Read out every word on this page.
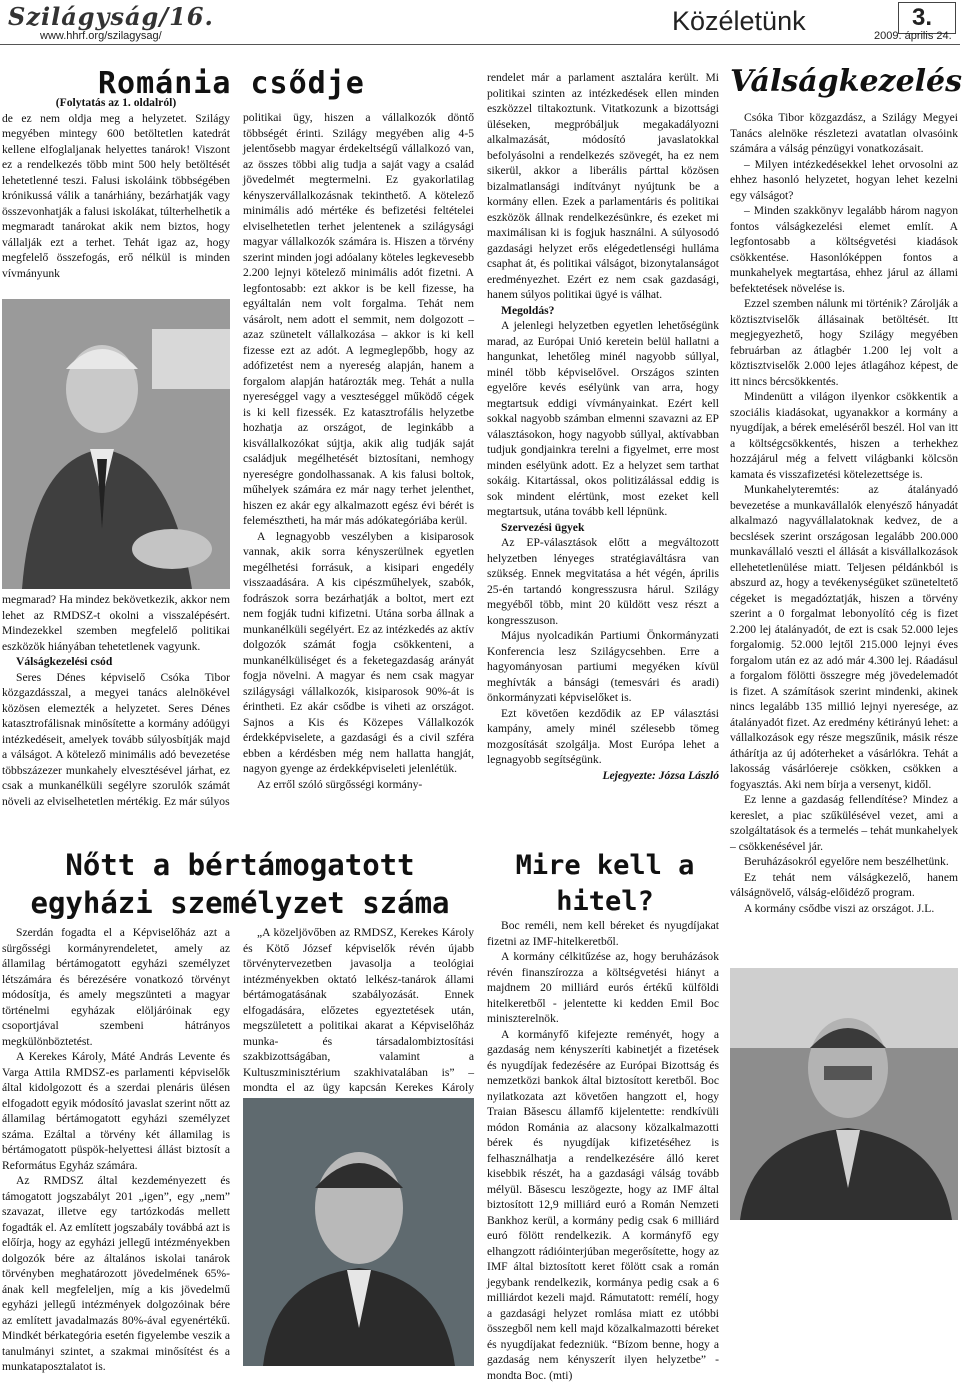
Szilágyság/16.
www.hhrf.org/szilagysag/	Közéletünk	3.
2009. április 24.
Románia csődje

(Folytatás az 1. oldalról)

de ez nem oldja meg a helyzetet. Szilágy megyében mintegy 600 betöltetlen katedrát kellene elfoglaljanak helyettes tanárok! Viszont ez a rendelkezés több mint 500 hely betöltését lehetetlenné teszi. Falusi iskoláink többségében krónikussá válik a tanárhiány, bezárhatják vagy összevonhatják a falusi iskolákat, túlterhelhetik a megmaradt tanárokat akik nem biztos, hogy vállalják ezt a terhet. Tehát igaz az, hogy megfelelő összefogás, erő nélkül is minden vívmányunk

megmarad? Ha mindez bekövetkezik, akkor nem lehet az RMDSZ-t okolni a visszalépésért. Mindezekkel szemben megfelelő politikai eszközök hiányában tehetetlenek vagyunk.

Válságkezelési csód

Seres Dénes képviselő Csóka Tibor közgazdásszal, a megyei tanács alelnökével közösen elemezték a helyzetet. Seres Dénes katasztrofálisnak minősítette a kormány adóügyi intézkedéseit, amelyek tovább súlyosbítják majd a válságot. A kötelező minimális adó bevezetése többszázezer munkahely elvesztésével járhat, ez csak a munkanélküli segélyre szorulók számát növeli az elviselhetetlen mértékig. Ez már súlyos

politikai ügy, hiszen a vállalkozók döntő többségét érinti. Szilágy megyében alig 4-5 jelentősebb magyar érdekeltségű vállalkozó van, az összes többi alig tudja a saját vagy a család jövedelmét megtermelni. Ez gyakorlatilag kényszervállalkozásnak tekinthető. A kötelező minimális adó mértéke és befizetési feltételei elviselhetetlen terhet jelentenek a szilágysági magyar vállalkozók számára is. Hiszen a törvény szerint minden jogi adóalany köteles legkevesebb 2.200 lejnyi kötelező minimális adót fizetni. A legfontosabb: ezt akkor is be kell fizesse, ha egyáltalán nem volt forgalma. Tehát nem vásárolt, nem adott el semmit, nem dolgozott – azaz szünetelt vállalkozása – akkor is ki kell fizesse ezt az adót. A legmeglepőbb, hogy az adófizetést nem a nyereség alapján, hanem a forgalom alapján határozták meg. Tehát a nulla nyereséggel vagy a veszteséggel működő cégek is ki kell fizessék. Ez katasztrofális helyzetbe hozhatja az országot, de leginkább a kisvállalkozókat sújtja, akik alig tudják saját családjuk megélhetését biztosítani, nemhogy nyereségre gondolhassanak. A kis falusi boltok, műhelyek számára ez már nagy terhet jelenthet, hiszen ez akár egy alkalmazott egész évi bérét is felemésztheti, ha már más adókategóriába kerül.

A legnagyobb veszélyben a kisiparosok vannak, akik sorra kényszerülnek egyetlen megélhetési forrásuk, a kisipari engedély visszaadására. A kis cipészműhelyek, szabók, fodrászok sorra bezárhatják a boltot, mert ezt nem fogják tudni kifizetni. Utána sorba állnak a munkanélküli segélyért. Ez az intézkedés az aktív dolgozók számát fogja csökkenteni, a munkanélküliséget és a feketegazdaság arányát fogja növelni. A magyar és nem csak magyar szilágysági vállalkozók, kisiparosok 90%-át is érintheti. Ez akár csődbe is viheti az országot. Sajnos a Kis és Közepes Vállalkozók érdekképviselete, a gazdasági és a civil szféra ebben a kérdésben még nem hallatta hangját, nagyon gyenge az érdekképviseleti jelenlétük.

Az erről szóló sürgősségi kormány-

rendelet már a parlament asztalára került. Mi politikai szinten az intézkedések ellen minden eszközzel tiltakoztunk. Vitatkozunk a bizottsági üléseken, megpróbáljuk megakadályozni alkalmazását, módosító javaslatokkal befolyásolni a rendelkezés szövegét, ha ez nem sikerül, akkor a liberális párttal közösen bizalmatlansági indítványt nyújtunk be a kormány ellen. Ezek a parlamentáris és politikai eszközök állnak rendelkezésünkre, és ezeket mi maximálisan ki is fogjuk használni. A súlyosodó gazdasági helyzet erős elégedetlenségi hulláma csaphat át, és politikai válságot, bizonytalanságot eredményezhet. Ezért ez nem csak gazdasági, hanem súlyos politikai ügyé is válhat.

Megoldás?

A jelenlegi helyzetben egyetlen lehetőségünk marad, az Európai Unió keretein belül hallatni a hangunkat, lehetőleg minél nagyobb súllyal, minél több képviselővel. Országos szinten egyelőre kevés esélyünk van arra, hogy megtartsuk eddigi vívmányainkat. Ezért kell sokkal nagyobb számban elmenni szavazni az EP választásokon, hogy nagyobb súllyal, aktívabban tudjuk gondjainkra terelni a figyelmet, erre most minden esélyünk adott. Ez a helyzet sem tarthat sokáig. Kitartással, okos politizálással eddig is sok mindent elértünk, most ezeket kell megtartsuk, utána tovább kell lépnünk.

Szervezési ügyek

Az EP-választások előtt a megváltozott helyzetben lényeges stratégiaváltásra van szükség. Ennek megvitatása a hét végén, április 25-én tartandó kongresszusra hárul. Szilágy megyéből több, mint 20 küldött vesz részt a kongresszuson.

Május nyolcadikán Partiumi Önkormányzati Konferencia lesz Szilágycsehben. Erre a hagyományosan partiumi megyéken kívül meghívták a bánsági (temesvári és aradi) önkormányzati képviselőket is.

Ezt követően kezdődik az EP választási kampány, amely minél szélesebb tömeg mozgosítását szolgálja. Most Európa lehet a legnagyobb segítségünk.

Lejegyezte: Józsa László

Válságkezelés

Csóka Tibor közgazdász, a Szilágy Megyei Tanács alelnöke részletezi avatatlan olvasóink számára a válság pénzügyi vonatkozásait.

– Milyen intézkedésekkel lehet orvosolni az ehhez hasonló helyzetet, hogyan lehet kezelni egy válságot?

– Minden szakkönyv legalább három nagyon fontos válságkezelési elemet említ. A legfontosabb a költségvetési kiadások csökkentése. Hasonlóképpen fontos a munkahelyek megtartása, ehhez járul az állami befektetések növelése is.

Ezzel szemben nálunk mi történik? Zárolják a köztisztviselők állásainak betöltését. Itt megjegyezhető, hogy Szilágy megyében februárban az átlagbér 1.200 lej volt a köztisztviselők 2.000 lejes átlagához képest, de itt nincs bércsökkentés.

Mindenütt a világon ilyenkor csökkentik a szociális kiadásokat, ugyanakkor a kormány a nyugdíjak, a bérek emeléséről beszél. Hol van itt a költségcsökkentés, hiszen a terhekhez hozzájárul még a felvett világbanki kölcsön kamata és visszafizetési kötelezettsége is.

Munkahelyteremtés: az átalányadó bevezetése a munkavállalók elenyésző hányadát alkalmazó nagyvállalatoknak kedvez, de a becslések szerint országosan legalább 200.000 munkavállaló veszti el állását a kisvállalkozások ellehetetlenülése miatt. Teljesen példánkból is abszurd az, hogy a tevékenységüket szüneteltető cégeket is megadóztatják, hiszen a törvény szerint a 0 forgalmat lebonyolító cég is fizet 2.200 lej átalányadót, de ezt is csak 52.000 lejes forgalomig. 52.000 lejtől 215.000 lejnyi éves forgalom után ez az adó már 4.300 lej. Ráadásul a forgalom fölötti összegre még jövedelemadót is fizet. A számítások szerint mindenki, akinek nincs legalább 135 millió lejnyi nyeresége, az átalányadót fizet. Az eredmény kétirányú lehet: a vállalkozások egy része megszűnik, másik része áthárítja az új adóterheket a vásárlókra. Tehát a lakosság vásárlóereje csökken, csökken a fogyasztás. Aki nem bírja a versenyt, kidől.

Ez lenne a gazdaság fellendítése? Mindez a kereslet, a piac szűkülésével vezet, ami a szolgáltatások és a termelés – tehát munkahelyek – csökkenésével jár.

Beruházásokról egyelőre nem beszélhetünk.

Ez tehát nem válságkezelő, hanem válságnövelő, válság-előidéző program.

A kormány csődbe viszi az országot. J.L.

Nőtt a bértámogatott egyházi személyzet száma

Szerdán fogadta el a Képviselőház azt a sürgősségi kormányrendeletet, amely az államilag bértámogatott egyházi személyzet létszámára és bérezésére vonatkozó törvényt módosítja, és amely megszünteti a magyar történelmi egyházak elöljáróinak egy csoportjával szembeni hátrányos megkülönböztetést.

A Kerekes Károly, Máté András Levente és Varga Attila RMDSZ-es parlamenti képviselők által kidolgozott és a szerdai plenáris ülésen elfogadott egyik módosító javaslat szerint nőtt az államilag bértámogatott egyházi személyzet száma. Ezáltal a törvény két államilag is bértámogatott püspök-helyettesi állást biztosít a Református Egyház számára.

Az RMDSZ által kezdeményezett és támogatott jogszabályt 201 „igen”, egy „nem” szavazat, illetve egy tartózkodás mellett fogadták el. Az említett jogszabály továbbá azt is előírja, hogy az egyházi jellegű intézményekben dolgozók bére az általános iskolai tanárok törvényben meghatározott jövedelmének 65%-ának kell megfeleljen, míg a kis jövedelmű egyházi jellegű intézmények dolgozóinak bére az említett javadalmazás 80%-ával egyenértékű. Mindkét bérkategória esetén figyelembe veszik a tanulmányi szintet, a szakmai minősítést és a munkataposztalatot is.

„A közeljövőben az RMDSZ, Kerekes Károly és Kötő József képviselők révén újabb törvénytervezetben javasolja a teológiai intézményekben oktató lelkész-tanárok állami bértámogatásának szabályozását. Ennek elfogadására, előzetes egyeztetések után, megszületett a politikai akarat a Képviselőház munka- és társadalombiztosítási szakbizottságában, valamint a Kultuszminisztérium szakhivatalában is” – mondta el az ügy kapcsán Kerekes Károly

Mire kell a hitel?

Boc reméli, nem kell béreket és nyugdíjakat fizetni az IMF-hitelkeretből.

A kormány célkitűzése az, hogy beruházások révén finanszírozza a költségvetési hiányt a majdnem 20 milliárd eurós értékű külföldi hitelkeretből - jelentette ki kedden Emil Boc miniszterelnök.

A kormányfő kifejezte reményét, hogy a gazdaság nem kényszeríti kabinetjét a fizetések és nyugdíjak fedezésére az Európai Bizottság és nemzetközi bankok által biztosított keretből. Boc nyilatkozata azt követően hangzott el, hogy Traian Băsescu államfő kijelentette: rendkívüli módon Románia az alacsony közalkalmazotti bérek és nyugdíjak kifizetéséhez is felhasználhatja a rendelkezésére álló keret kisebbik részét, ha a gazdasági válság tovább mélyül. Băsescu leszögezte, hogy az IMF által biztosított 12,9 milliárd euró a Román Nemzeti Bankhoz kerül, a kormány pedig csak 6 milliárd euró fölött rendelkezik. A kormányfő egy elhangzott rádióinterjúban megerősítette, hogy az IMF által biztosított keret fölött csak a román jegybank rendelkezik, kormánya pedig csak a 6 milliárdot kezeli majd. Rámutatott: remélí, hogy a gazdasági helyzet romlása miatt ez utóbbi összegből nem kell majd közalkalmazotti béreket és nyugdíjakat fedezniük. “Bízom benne, hogy a gazdaság nem kényszerít ilyen helyzetbe” - mondta Boc. (mti)
